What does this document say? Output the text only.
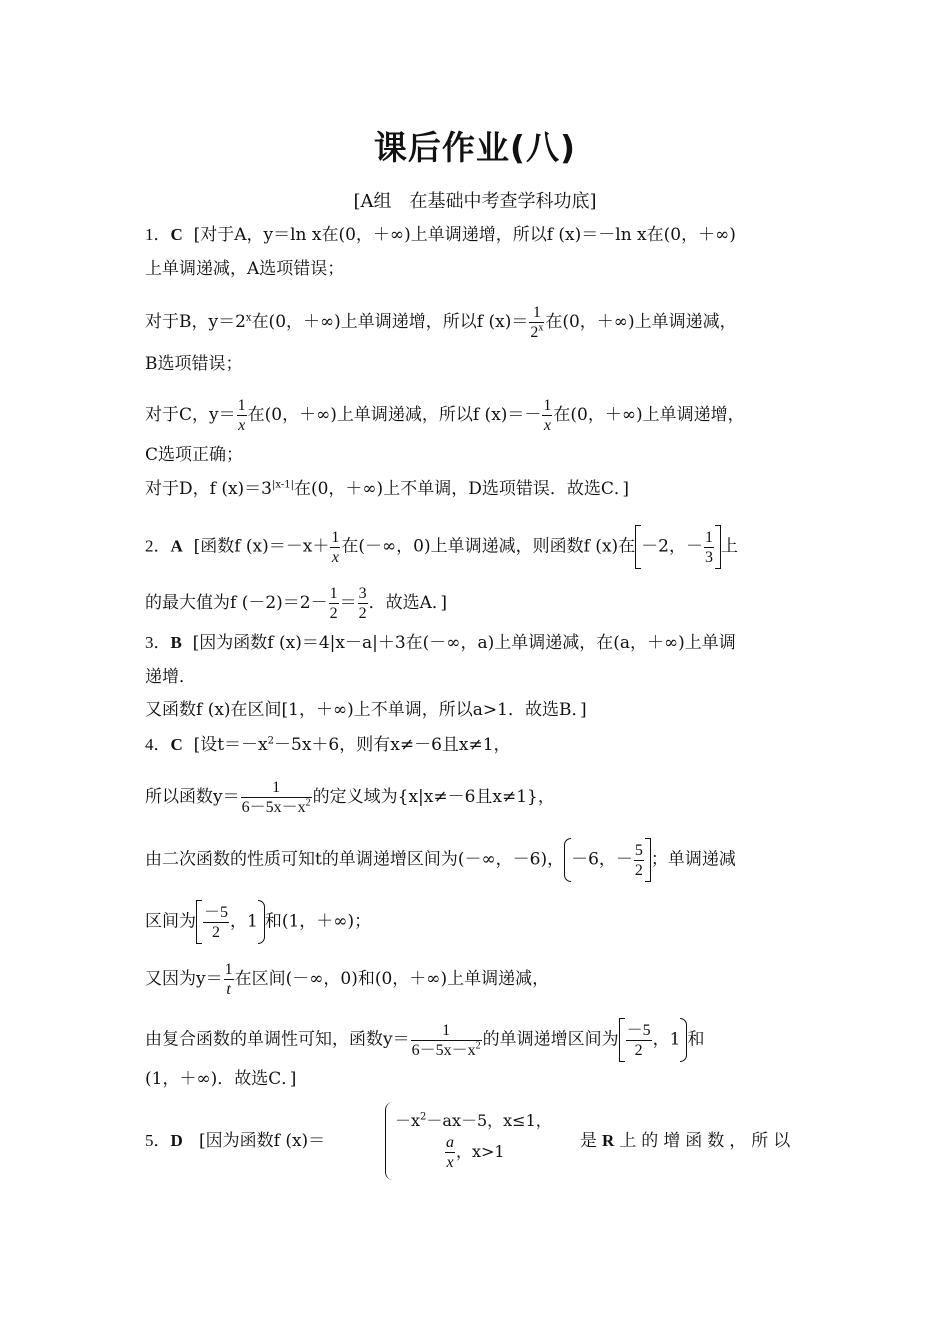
课后作业(八)
[A组　在基础中考查学科功底]
1．C [对于A，y＝ln x在(0，＋∞)上单调递增，所以f (x)＝－ln x在(0，＋∞)
上单调递减，A选项错误；
对于B，$y=2^x$在(0，＋∞)上单调递增，所以f $(x)= \frac{1}{2^x}$ 在(0，＋∞)上单调递减，
B选项错误；
对于C，$y= \frac{1}{x}$ 在(0，＋∞)上单调递减，所以f $(x)=- \frac{1}{x}$ 在(0，＋∞)上单调递增，
C选项正确；
对于D，f $(x)=3^{|x-1|}$在(0，＋∞)上不单调，D选项错误．故选C．]
2．A [函数f $(x)=-x+ \frac{1}{x}$ 在(－∞，0)上单调递减，则函数f (x)在 －2，－ $\frac{1}{3}$ 上
的最大值为f $(-2)=2- \frac{1}{2} = \frac{3}{2}$ ．故选A．]
3．B [因为函数f (x)＝4|x－a|＋3在(－∞，a)上单调递减，在(a，＋∞)上单调
递增．
又函数f (x)在区间[1，＋∞)上不单调，所以a>1．故选B．]
4．C [设$t=-x^2-5x+6$，则有x≠－6且x≠1，
所以函数$y= \frac{1}{6-5x-x^2}$ 的定义域为{x|x≠－6且x≠1}，
由二次函数的性质可知t的单调递增区间为(－∞，－6)， －6，－ $\frac{5}{2}$ ；单调递减
区间为 $\frac{-5}{2}$ ，1 和(1，＋∞)；
又因为$y= \frac{1}{t}$ 在区间(－∞，0)和(0，＋∞)上单调递减，
由复合函数的单调性可知，函数$y= \frac{1}{6-5x-x^2}$ 的单调递增区间为 $\frac{-5}{2}$ ，1 和
(1，＋∞)．故选C．]
5．D [因为函数f (x)＝
$-x^2-ax-5$，x≤1，
$\frac{a}{x}$ ，x>1
是R上的增函数，所以
